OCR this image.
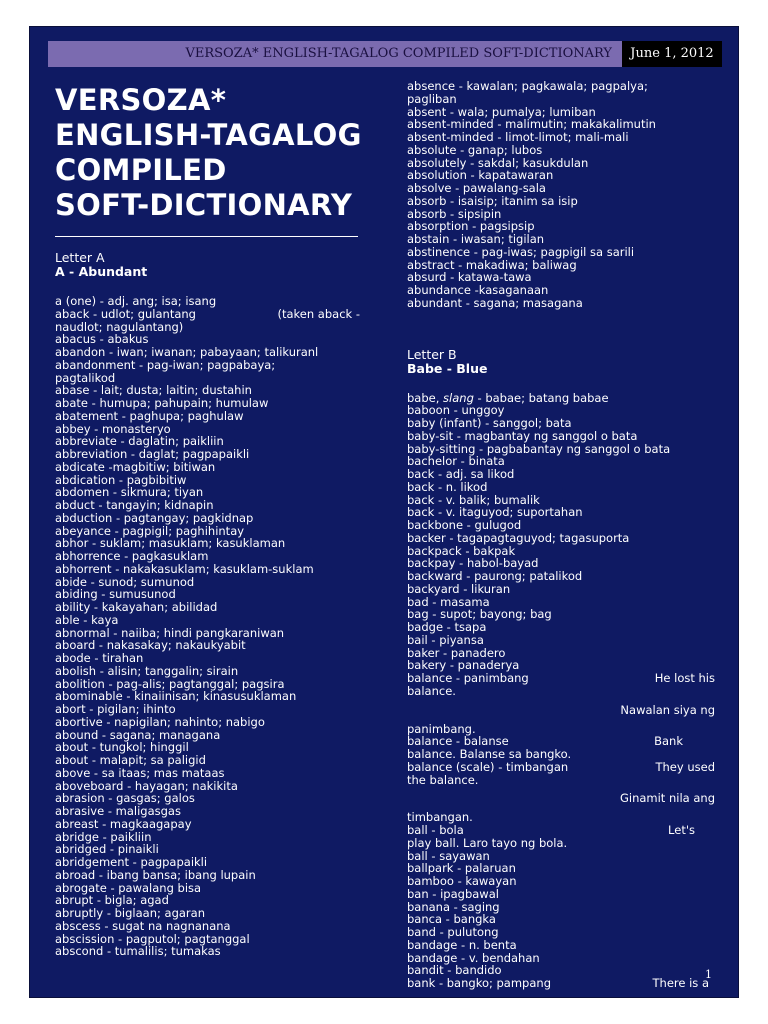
VERSOZA* ENGLISH-TAGALOG COMPILED SOFT-DICTIONARY	June 1, 2012
VERSOZA*
ENGLISH-TAGALOG
COMPILED
SOFT-DICTIONARY
Letter A
A - Abundant
a (one) - adj. ang; isa; isang
aback - udlot; gulantang	(taken aback -
naudlot; nagulantang)
abacus - abakus
abandon - iwan; iwanan; pabayaan; talikuranl
abandonment - pag-iwan; pagpabaya;
pagtalikod
abase - lait; dusta; laitin; dustahin
abate - humupa; pahupain; humulaw
abatement - paghupa; paghulaw
abbey - monasteryo
abbreviate - daglatin; paikliin
abbreviation - daglat; pagpapaikli
abdicate -magbitiw; bitiwan
abdication - pagbibitiw
abdomen - sikmura; tiyan
abduct - tangayin; kidnapin
abduction - pagtangay; pagkidnap
abeyance - pagpigil; paghihintay
abhor - suklam; masuklam; kasuklaman
abhorrence - pagkasuklam
abhorrent - nakakasuklam; kasuklam-suklam
abide - sunod; sumunod
abiding - sumusunod
ability - kakayahan; abilidad
able - kaya
abnormal - naiiba; hindi pangkaraniwan
aboard - nakasakay; nakaukyabit
abode - tirahan
abolish - alisin; tanggalin; sirain
abolition - pag-alis; pagtanggal; pagsira
abominable - kinaiinisan; kinasusuklaman
abort - pigilan; ihinto
abortive - napigilan; nahinto; nabigo
abound - sagana; managana
about - tungkol; hinggil
about - malapit; sa paligid
above - sa itaas; mas mataas
aboveboard - hayagan; nakikita
abrasion - gasgas; galos
abrasive - maligasgas
abreast - magkaagapay
abridge - paikliin
abridged - pinaikli
abridgement - pagpapaikli
abroad - ibang bansa; ibang lupain
abrogate - pawalang bisa
abrupt - bigla; agad
abruptly - biglaan; agaran
abscess - sugat na nagnanana
abscission - pagputol; pagtanggal
abscond - tumalilis; tumakas
absence - kawalan; pagkawala; pagpalya;
pagliban
absent - wala; pumalya; lumiban
absent-minded - malimutin; makakalimutin
absent-minded - limot-limot; mali-mali
absolute - ganap; lubos
absolutely - sakdal; kasukdulan
absolution - kapatawaran
absolve - pawalang-sala
absorb - isaisip; itanim sa isip
absorb - sipsipin
absorption - pagsipsip
abstain - iwasan; tigilan
abstinence - pag-iwas; pagpigil sa sarili
abstract - makadiwa; baliwag
absurd - katawa-tawa
abundance -kasaganaan
abundant - sagana; masagana
Letter B
Babe - Blue
babe, slang - babae; batang babae
baboon - unggoy
baby (infant) - sanggol; bata
baby-sit - magbantay ng sanggol o bata
baby-sitting - pagbabantay ng sanggol o bata
bachelor - binata
back - adj. sa likod
back - n. likod
back - v. balik; bumalik
back - v. itaguyod; suportahan
backbone - gulugod
backer - tagapagtaguyod; tagasuporta
backpack - bakpak
backpay - habol-bayad
backward - paurong; patalikod
backyard - likuran
bad - masama
bag - supot; bayong; bag
badge - tsapa
bail - piyansa
baker - panadero
bakery - panaderya
balance - panimbang	He lost his
balance.
Nawalan siya ng
panimbang.
balance - balanse	Bank
balance. Balanse sa bangko.
balance (scale) - timbangan	They used
the balance.
Ginamit nila ang
timbangan.
ball - bola	Let's
play ball. Laro tayo ng bola.
ball - sayawan
ballpark - palaruan
bamboo - kawayan
ban - ipagbawal
banana - saging
banca - bangka
band - pulutong
bandage - n. benta
bandage - v. bendahan
bandit - bandido
bank - bangko; pampang	There is a
1
